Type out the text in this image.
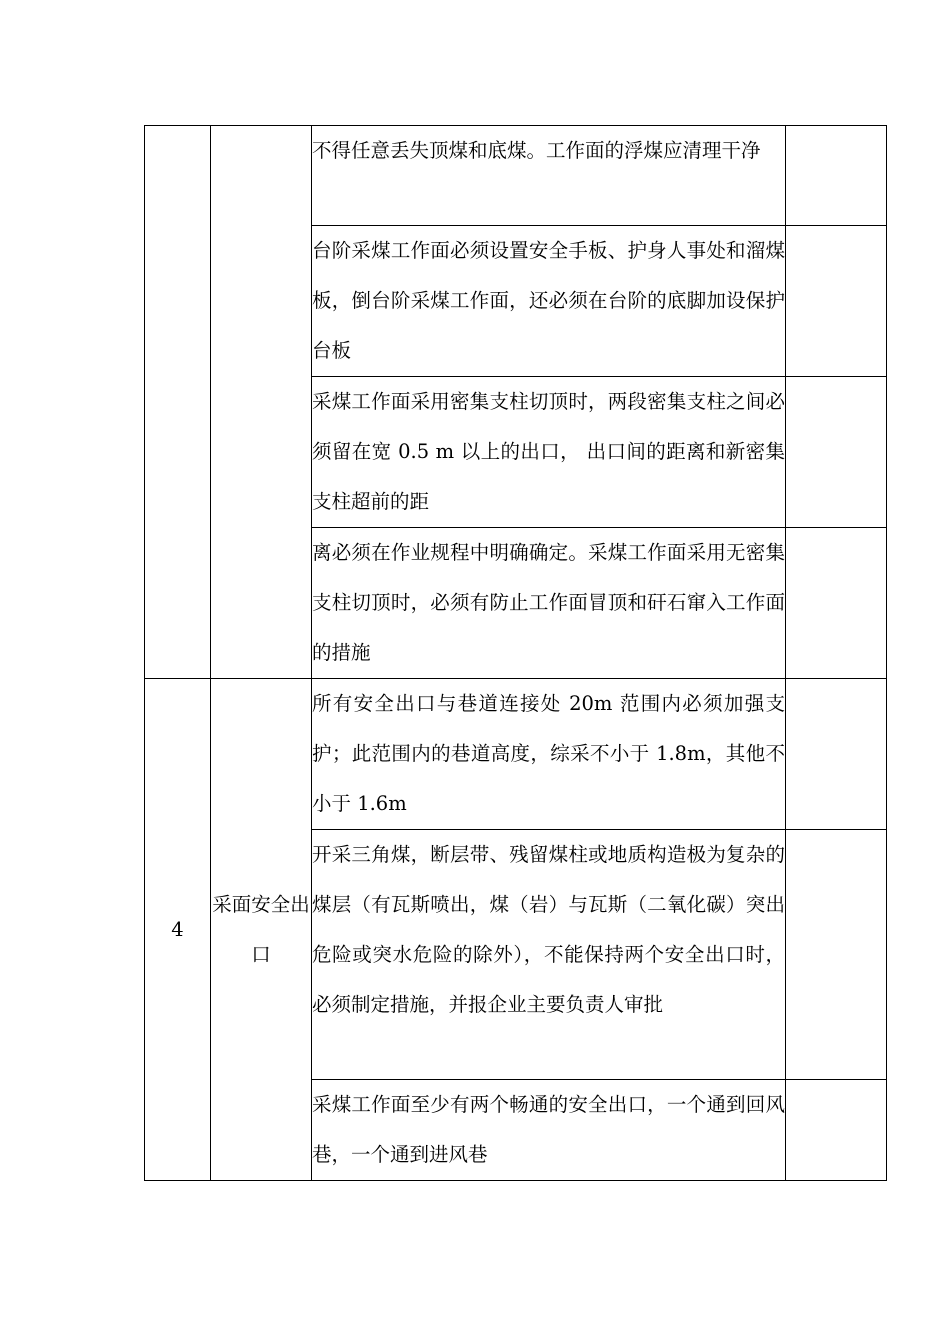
		不得任意丢失顶煤和底煤。工作面的浮煤应清理干净	
		台阶采煤工作面必须设置安全手板、护身人事处和溜煤板，倒台阶采煤工作面，还必须在台阶的底脚加设保护台板	
		采煤工作面采用密集支柱切顶时，两段密集支柱之间必须留在宽 0.5 m 以上的出口， 出口间的距离和新密集支柱超前的距	
		离必须在作业规程中明确确定。采煤工作面采用无密集支柱切顶时，必须有防止工作面冒顶和矸石窜入工作面的措施	
4	采面安全出口	所有安全出口与巷道连接处 20m 范围内必须加强支护；此范围内的巷道高度，综采不小于 1.8m，其他不小于 1.6m	
		开采三角煤，断层带、残留煤柱或地质构造极为复杂的煤层（有瓦斯喷出，煤（岩）与瓦斯（二氧化碳）突出危险或突水危险的除外），不能保持两个安全出口时，必须制定措施，并报企业主要负责人审批	
		采煤工作面至少有两个畅通的安全出口，一个通到回风巷，一个通到进风巷	
